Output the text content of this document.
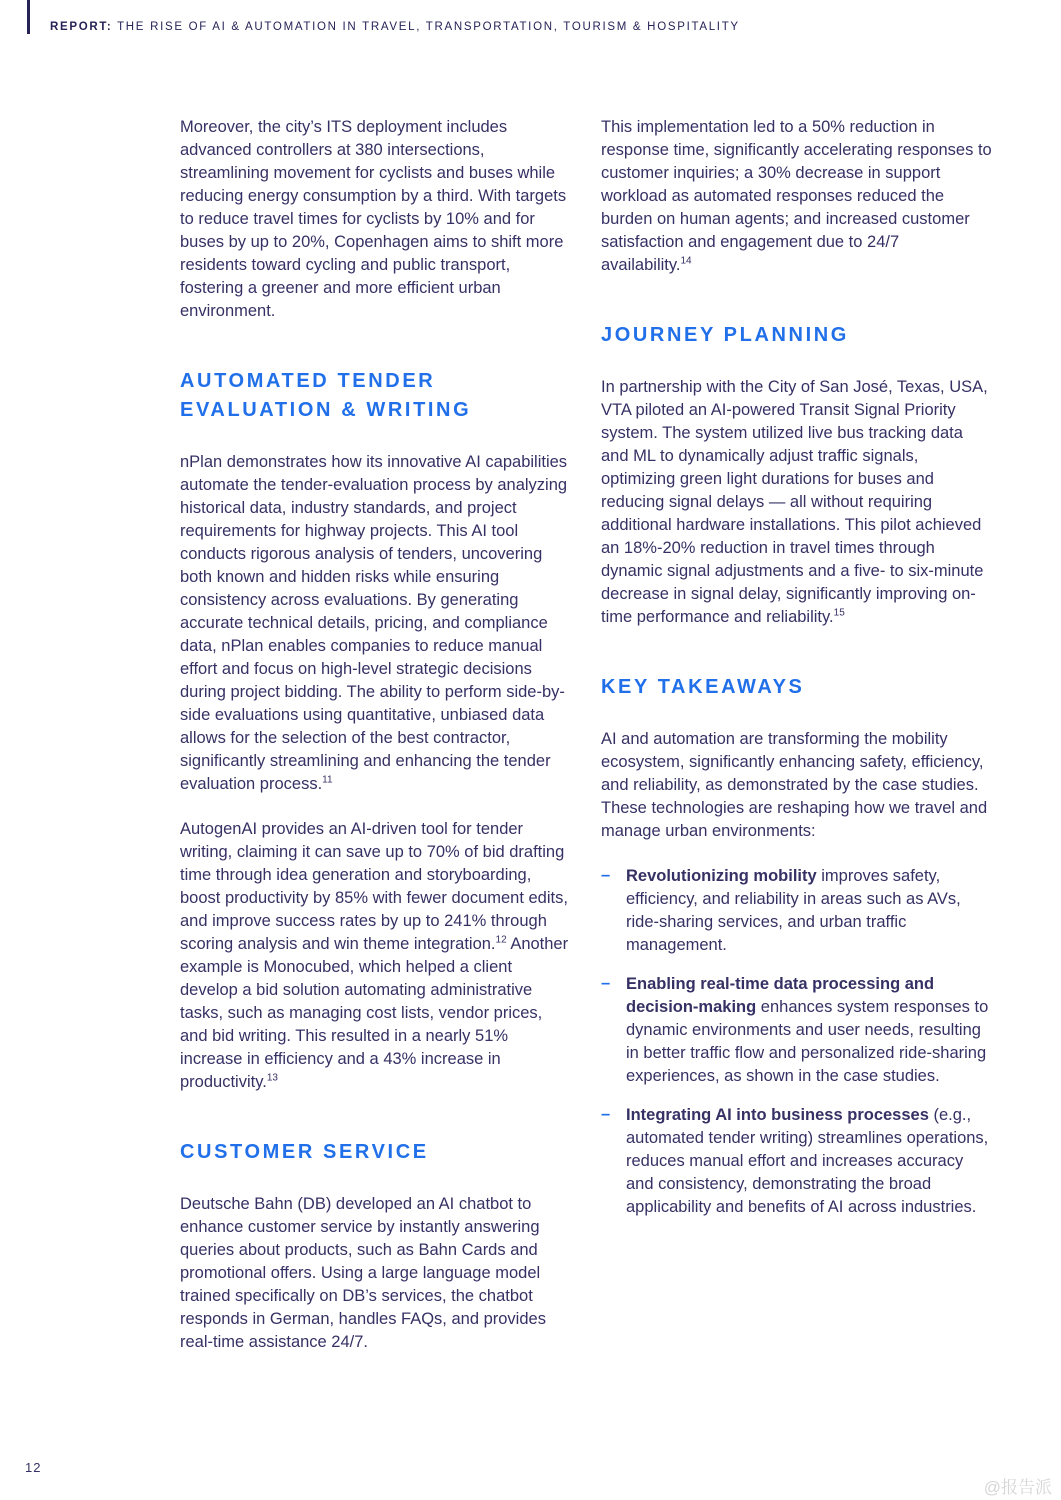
REPORT: THE RISE OF AI & AUTOMATION IN TRAVEL, TRANSPORTATION, TOURISM & HOSPITALITY

Moreover, the city’s ITS deployment includes advanced controllers at 380 intersections, streamlining movement for cyclists and buses while reducing energy consumption by a third. With targets to reduce travel times for cyclists by 10% and for buses by up to 20%, Copenhagen aims to shift more residents toward cycling and public transport, fostering a greener and more efficient urban environment.

AUTOMATED TENDER EVALUATION & WRITING

nPlan demonstrates how its innovative AI capabilities automate the tender-evaluation process by analyzing historical data, industry standards, and project requirements for highway projects. This AI tool conducts rigorous analysis of tenders, uncovering both known and hidden risks while ensuring consistency across evaluations. By generating accurate technical details, pricing, and compliance data, nPlan enables companies to reduce manual effort and focus on high-level strategic decisions during project bidding. The ability to perform side-by-side evaluations using quantitative, unbiased data allows for the selection of the best contractor, significantly streamlining and enhancing the tender evaluation process.$^{11}$

AutogenAI provides an AI-driven tool for tender writing, claiming it can save up to 70% of bid drafting time through idea generation and storyboarding, boost productivity by 85% with fewer document edits, and improve success rates by up to 241% through scoring analysis and win theme integration.$^{12}$ Another example is Monocubed, which helped a client develop a bid solution automating administrative tasks, such as managing cost lists, vendor prices, and bid writing. This resulted in a nearly 51% increase in efficiency and a 43% increase in productivity.$^{13}$

CUSTOMER SERVICE

Deutsche Bahn (DB) developed an AI chatbot to enhance customer service by instantly answering queries about products, such as Bahn Cards and promotional offers. Using a large language model trained specifically on DB’s services, the chatbot responds in German, handles FAQs, and provides real-time assistance 24/7.

This implementation led to a 50% reduction in response time, significantly accelerating responses to customer inquiries; a 30% decrease in support workload as automated responses reduced the burden on human agents; and increased customer satisfaction and engagement due to 24/7 availability.$^{14}$

JOURNEY PLANNING

In partnership with the City of San José, Texas, USA, VTA piloted an AI-powered Transit Signal Priority system. The system utilized live bus tracking data and ML to dynamically adjust traffic signals, optimizing green light durations for buses and reducing signal delays — all without requiring additional hardware installations. This pilot achieved an 18%-20% reduction in travel times through dynamic signal adjustments and a five- to six-minute decrease in signal delay, significantly improving on-time performance and reliability.$^{15}$

KEY TAKEAWAYS

AI and automation are transforming the mobility ecosystem, significantly enhancing safety, efficiency, and reliability, as demonstrated by the case studies. These technologies are reshaping how we travel and manage urban environments:

– Revolutionizing mobility improves safety, efficiency, and reliability in areas such as AVs, ride-sharing services, and urban traffic management.
– Enabling real-time data processing and decision-making enhances system responses to dynamic environments and user needs, resulting in better traffic flow and personalized ride-sharing experiences, as shown in the case studies.
– Integrating AI into business processes (e.g., automated tender writing) streamlines operations, reduces manual effort and increases accuracy and consistency, demonstrating the broad applicability and benefits of AI across industries.
12
@报告派
